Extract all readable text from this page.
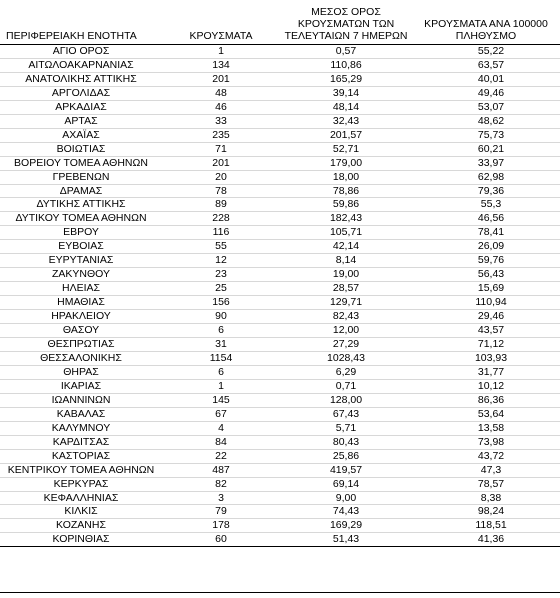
ΠΕΡΙΦΕΡΕΙΑΚΗ ΕΝΟΤΗΤΑ	ΚΡΟΥΣΜΑΤΑ	ΜΕΣΟΣ ΟΡΟΣ
ΚΡΟΥΣΜΑΤΩΝ ΤΩΝ
ΤΕΛΕΥΤΑΙΩΝ 7 ΗΜΕΡΩΝ	ΚΡΟΥΣΜΑΤΑ ΑΝΑ 100000
ΠΛΗΘΥΣΜΟ
ΑΓΙΟ ΟΡΟΣ	1	0,57	55,22
ΑΙΤΩΛΟΑΚΑΡΝΑΝΙΑΣ	134	110,86	63,57
ΑΝΑΤΟΛΙΚΗΣ ΑΤΤΙΚΗΣ	201	165,29	40,01
ΑΡΓΟΛΙΔΑΣ	48	39,14	49,46
ΑΡΚΑΔΙΑΣ	46	48,14	53,07
ΑΡΤΑΣ	33	32,43	48,62
ΑΧΑΪΑΣ	235	201,57	75,73
ΒΟΙΩΤΙΑΣ	71	52,71	60,21
ΒΟΡΕΙΟΥ ΤΟΜΕΑ ΑΘΗΝΩΝ	201	179,00	33,97
ΓΡΕΒΕΝΩΝ	20	18,00	62,98
ΔΡΑΜΑΣ	78	78,86	79,36
ΔΥΤΙΚΗΣ ΑΤΤΙΚΗΣ	89	59,86	55,3
ΔΥΤΙΚΟΥ ΤΟΜΕΑ ΑΘΗΝΩΝ	228	182,43	46,56
ΕΒΡΟΥ	116	105,71	78,41
ΕΥΒΟΙΑΣ	55	42,14	26,09
ΕΥΡΥΤΑΝΙΑΣ	12	8,14	59,76
ΖΑΚΥΝΘΟΥ	23	19,00	56,43
ΗΛΕΙΑΣ	25	28,57	15,69
ΗΜΑΘΙΑΣ	156	129,71	110,94
ΗΡΑΚΛΕΙΟΥ	90	82,43	29,46
ΘΑΣΟΥ	6	12,00	43,57
ΘΕΣΠΡΩΤΙΑΣ	31	27,29	71,12
ΘΕΣΣΑΛΟΝΙΚΗΣ	1154	1028,43	103,93
ΘΗΡΑΣ	6	6,29	31,77
ΙΚΑΡΙΑΣ	1	0,71	10,12
ΙΩΑΝΝΙΝΩΝ	145	128,00	86,36
ΚΑΒΑΛΑΣ	67	67,43	53,64
ΚΑΛΥΜΝΟΥ	4	5,71	13,58
ΚΑΡΔΙΤΣΑΣ	84	80,43	73,98
ΚΑΣΤΟΡΙΑΣ	22	25,86	43,72
ΚΕΝΤΡΙΚΟΥ ΤΟΜΕΑ ΑΘΗΝΩΝ	487	419,57	47,3
ΚΕΡΚΥΡΑΣ	82	69,14	78,57
ΚΕΦΑΛΛΗΝΙΑΣ	3	9,00	8,38
ΚΙΛΚΙΣ	79	74,43	98,24
ΚΟΖΑΝΗΣ	178	169,29	118,51
ΚΟΡΙΝΘΙΑΣ	60	51,43	41,36
